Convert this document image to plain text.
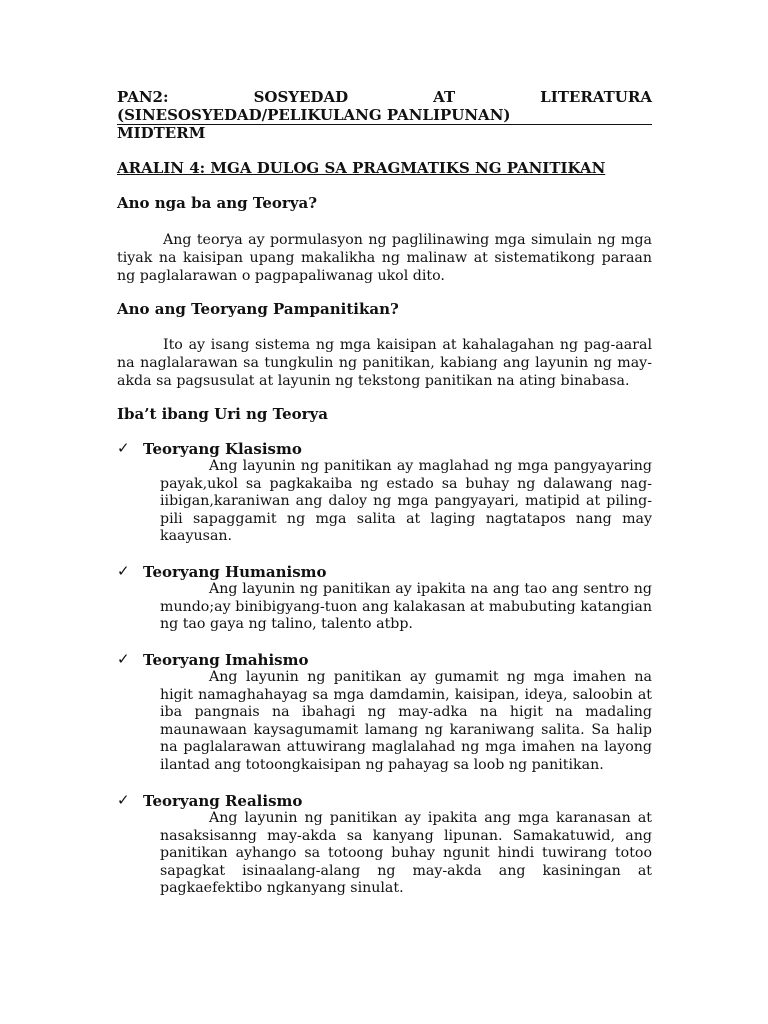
PAN2:	SOSYEDAD	AT	LITERATURA
(SINESOSYEDAD/PELIKULANG PANLIPUNAN)
MIDTERM
ARALIN 4: MGA DULOG SA PRAGMATIKS NG PANITIKAN
Ano nga ba ang Teorya?
Ang teorya ay pormulasyon ng paglilinawing mga simulain ng mga tiyak na kaisipan upang makalikha ng malinaw at sistematikong paraan ng paglalarawan o pagpapaliwanag ukol dito.
Ano ang Teoryang Pampanitikan?
Ito ay isang sistema ng mga kaisipan at kahalagahan ng pag-aaral na naglalarawan sa tungkulin ng panitikan, kabiang ang layunin ng may-akda sa pagsusulat at layunin ng tekstong panitikan na ating binabasa.
Iba’t ibang Uri ng Teorya
✓ Teoryang Klasismo
Ang layunin ng panitikan ay maglahad ng mga pangyayaring payak,ukol sa pagkakaiba ng estado sa buhay ng dalawang nag-iibigan,karaniwan ang daloy ng mga pangyayari, matipid at piling-pili sapaggamit ng mga salita at laging nagtatapos nang may kaayusan.
✓ Teoryang Humanismo
Ang layunin ng panitikan ay ipakita na ang tao ang sentro ng mundo;ay binibigyang-tuon ang kalakasan at mabubuting katangian ng tao gaya ng talino, talento atbp.
✓ Teoryang Imahismo
Ang layunin ng panitikan ay gumamit ng mga imahen na higit namaghahayag sa mga damdamin, kaisipan, ideya, saloobin at iba pangnais na ibahagi ng may-adka na higit na madaling maunawaan kaysagumamit lamang ng karaniwang salita. Sa halip na paglalarawan attuwirang maglalahad ng mga imahen na layong ilantad ang totoongkaisipan ng pahayag sa loob ng panitikan.
✓ Teoryang Realismo
Ang layunin ng panitikan ay ipakita ang mga karanasan at nasaksisanng may-akda sa kanyang lipunan. Samakatuwid, ang panitikan ayhango sa totoong buhay ngunit hindi tuwirang totoo sapagkat isinaalang-alang ng may-akda ang kasiningan at pagkaefektibo ngkanyang sinulat.
